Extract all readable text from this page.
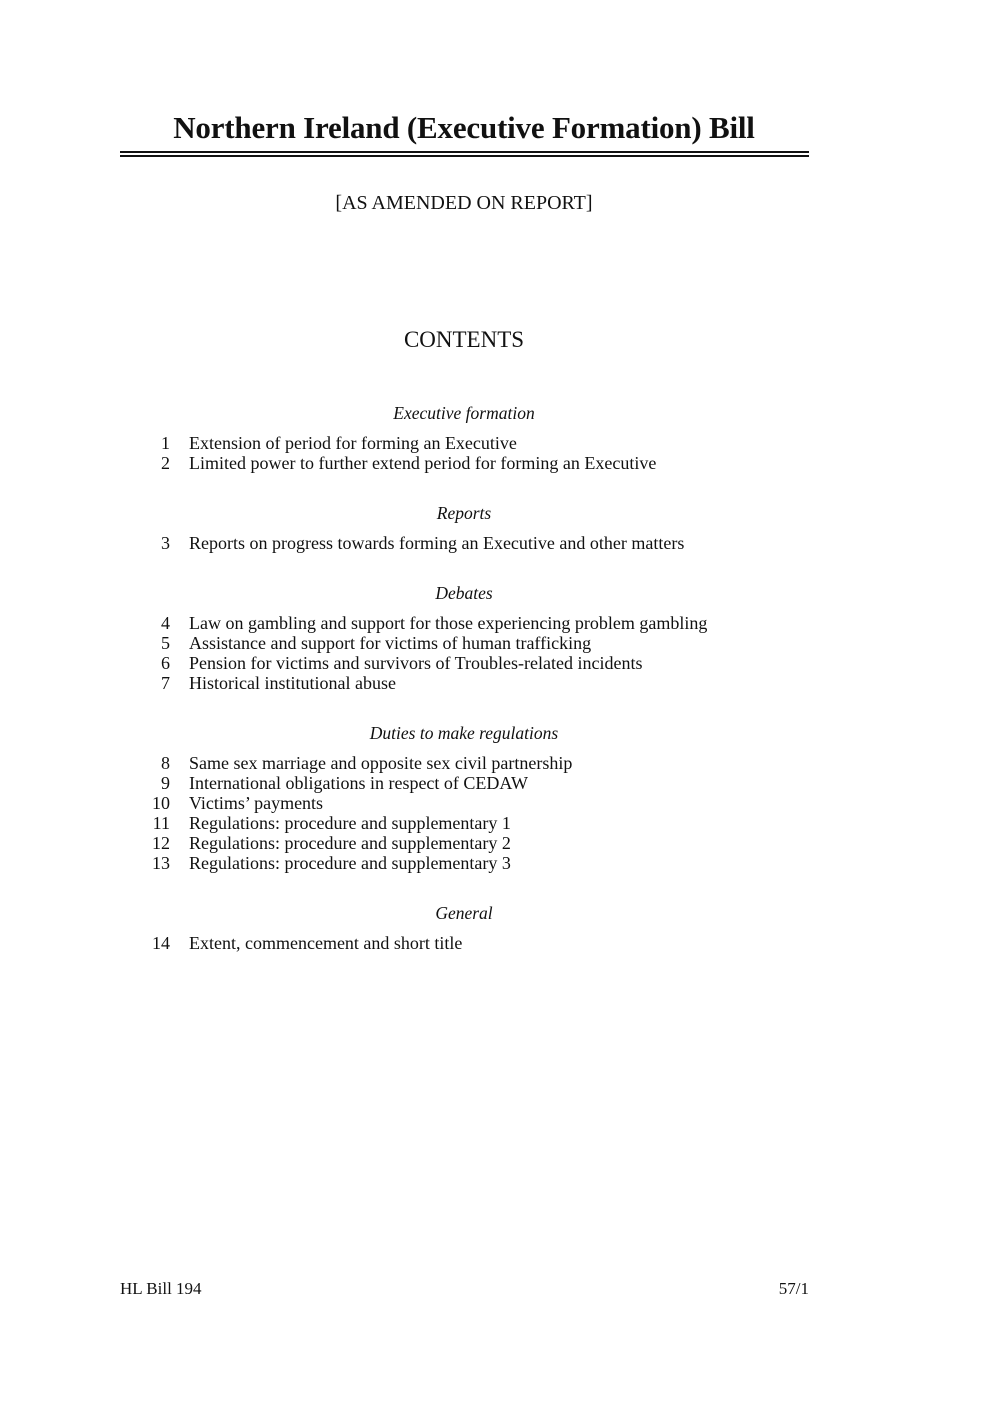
Northern Ireland (Executive Formation) Bill
[AS AMENDED ON REPORT]
CONTENTS
Executive formation
1 Extension of period for forming an Executive
2 Limited power to further extend period for forming an Executive
Reports
3 Reports on progress towards forming an Executive and other matters
Debates
4 Law on gambling and support for those experiencing problem gambling
5 Assistance and support for victims of human trafficking
6 Pension for victims and survivors of Troubles-related incidents
7 Historical institutional abuse
Duties to make regulations
8 Same sex marriage and opposite sex civil partnership
9 International obligations in respect of CEDAW
10 Victims’ payments
11 Regulations: procedure and supplementary 1
12 Regulations: procedure and supplementary 2
13 Regulations: procedure and supplementary 3
General
14 Extent, commencement and short title
HL Bill 194	57/1
